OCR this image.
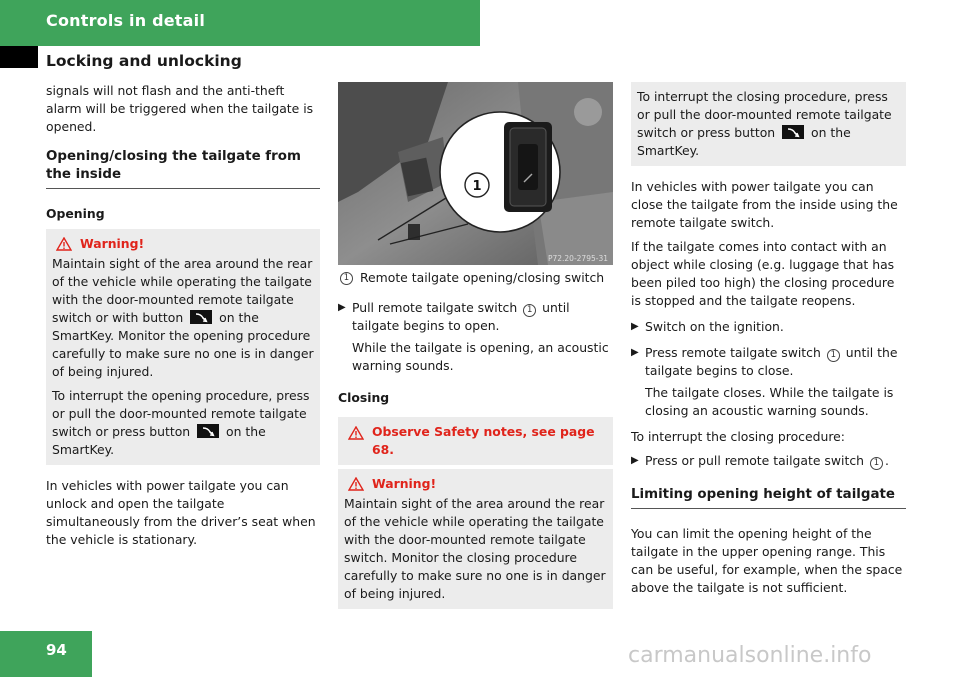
Controls in detail
Locking and unlocking

signals will not flash and the anti-theft alarm will be triggered when the tailgate is opened.

Opening/closing the tailgate from the inside
Opening
Warning!

Maintain sight of the area around the rear of the vehicle while operating the tailgate with the door-mounted remote tailgate switch or with button	on the SmartKey. Monitor the opening procedure carefully to make sure no one is in danger of being injured.

To interrupt the opening procedure, press or pull the door-mounted remote tailgate switch or press button	on the SmartKey.

In vehicles with power tailgate you can unlock and open the tailgate simultaneously from the driver’s seat when the vehicle is stationary.

1
P72.20-2795-31
1 Remote tailgate opening/closing switch
▶ Pull remote tailgate switch 1 until tailgate begins to open.

While the tailgate is opening, an acoustic warning sounds.

Closing
Observe Safety notes, see page 68.
Warning!

Maintain sight of the area around the rear of the vehicle while operating the tailgate with the door-mounted remote tailgate switch. Monitor the closing procedure carefully to make sure no one is in danger of being injured.

To interrupt the closing procedure, press or pull the door-mounted remote tailgate switch or press button	on the SmartKey.

In vehicles with power tailgate you can close the tailgate from the inside using the remote tailgate switch.

If the tailgate comes into contact with an object while closing (e.g. luggage that has been piled too high) the closing procedure is stopped and the tailgate reopens.

▶ Switch on the ignition.
▶ Press remote tailgate switch 1 until the tailgate begins to close.

The tailgate closes. While the tailgate is closing an acoustic warning sounds.

To interrupt the closing procedure:

▶ Press or pull remote tailgate switch 1 .
Limiting opening height of tailgate

You can limit the opening height of the tailgate in the upper opening range. This can be useful, for example, when the space above the tailgate is not sufficient.

94	carmanualsonline.info
